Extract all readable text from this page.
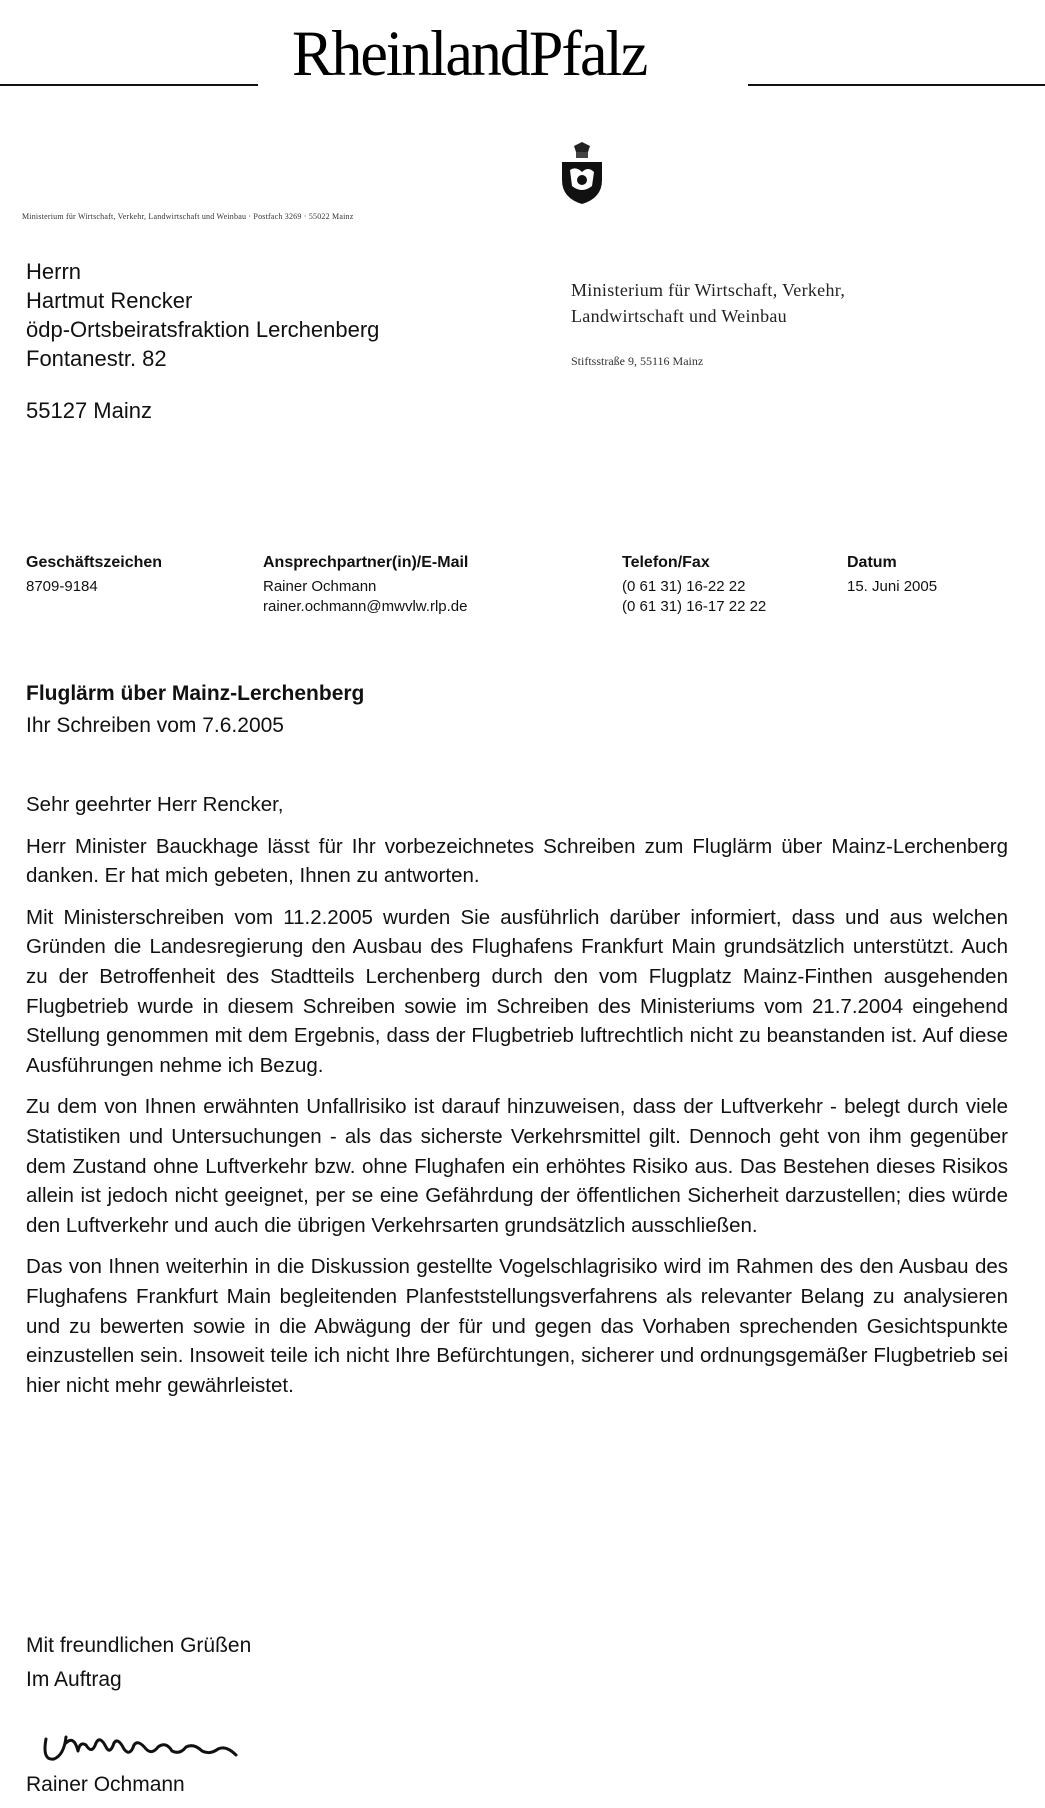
RheinlandPfalz
Ministerium für Wirtschaft, Verkehr, Landwirtschaft und Weinbau · Postfach 3269 · 55022 Mainz
Herrn
Hartmut Rencker
ödp-Ortsbeiratsfraktion Lerchenberg
Fontanestr. 82
55127 Mainz
Ministerium für Wirtschaft, Verkehr,
Landwirtschaft und Weinbau
Stiftsstraße 9, 55116 Mainz
Geschäftszeichen
8709-9184
Ansprechpartner(in)/E-Mail
Rainer Ochmann
rainer.ochmann@mwvlw.rlp.de
Telefon/Fax
(0 61 31) 16-22 22
(0 61 31) 16-17 22 22
Datum
15. Juni 2005
Fluglärm über Mainz-Lerchenberg
Ihr Schreiben vom 7.6.2005

Sehr geehrter Herr Rencker,

Herr Minister Bauckhage lässt für Ihr vorbezeichnetes Schreiben zum Fluglärm über Mainz-Lerchenberg danken. Er hat mich gebeten, Ihnen zu antworten.

Mit Ministerschreiben vom 11.2.2005 wurden Sie ausführlich darüber informiert, dass und aus welchen Gründen die Landesregierung den Ausbau des Flughafens Frankfurt Main grundsätzlich unterstützt. Auch zu der Betroffenheit des Stadtteils Lerchenberg durch den vom Flugplatz Mainz-Finthen ausgehenden Flugbetrieb wurde in diesem Schreiben sowie im Schreiben des Ministeriums vom 21.7.2004 eingehend Stellung genommen mit dem Ergebnis, dass der Flugbetrieb luftrechtlich nicht zu beanstanden ist. Auf diese Ausführungen nehme ich Bezug.

Zu dem von Ihnen erwähnten Unfallrisiko ist darauf hinzuweisen, dass der Luftverkehr - belegt durch viele Statistiken und Untersuchungen - als das sicherste Verkehrsmittel gilt. Dennoch geht von ihm gegenüber dem Zustand ohne Luftverkehr bzw. ohne Flughafen ein erhöhtes Risiko aus. Das Bestehen dieses Risikos allein ist jedoch nicht geeignet, per se eine Gefährdung der öffentlichen Sicherheit darzustellen; dies würde den Luftverkehr und auch die übrigen Verkehrsarten grundsätzlich ausschließen.

Das von Ihnen weiterhin in die Diskussion gestellte Vogelschlagrisiko wird im Rahmen des den Ausbau des Flughafens Frankfurt Main begleitenden Planfeststellungsverfahrens als relevanter Belang zu analysieren und zu bewerten sowie in die Abwägung der für und gegen das Vorhaben sprechenden Gesichtspunkte einzustellen sein. Insoweit teile ich nicht Ihre Befürchtungen, sicherer und ordnungsgemäßer Flugbetrieb sei hier nicht mehr gewährleistet.

Mit freundlichen Grüßen
Im Auftrag
Rainer Ochmann
